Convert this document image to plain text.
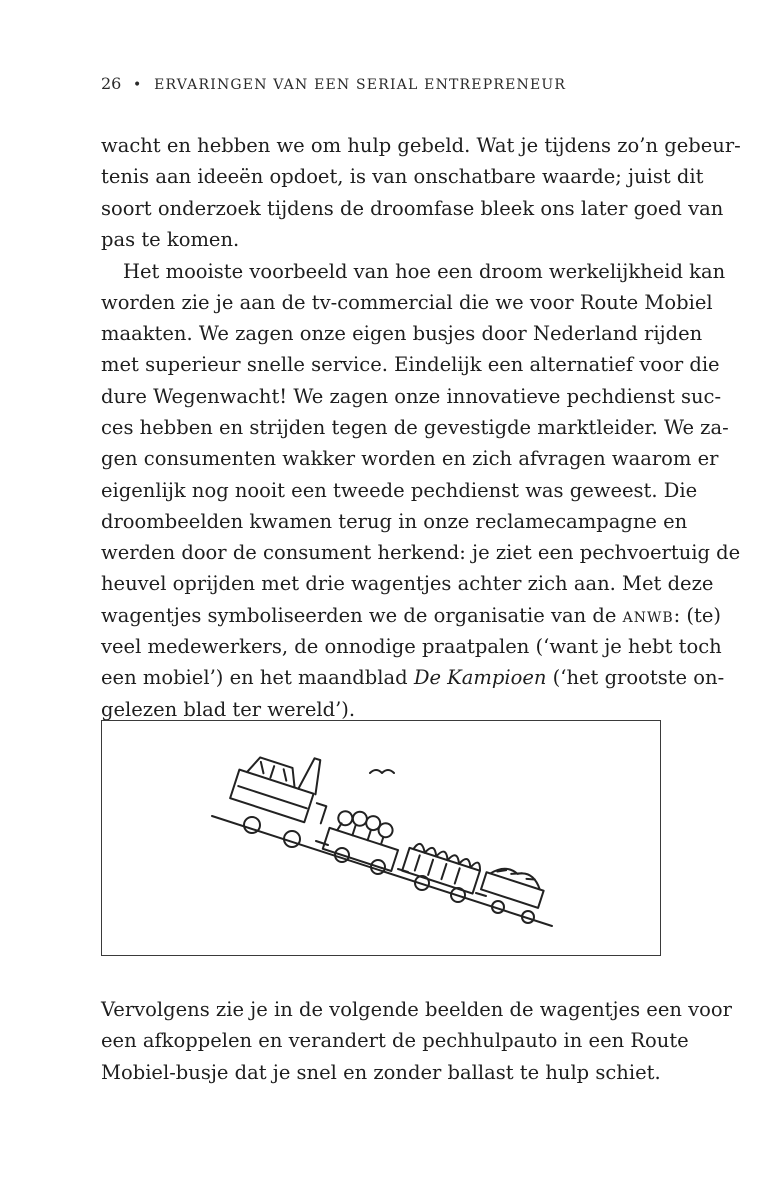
26 • ERVARINGEN VAN EEN SERIAL ENTREPRENEUR
wacht en hebben we om hulp gebeld. Wat je tijdens zo’n gebeur-
tenis aan ideeën opdoet, is van onschatbare waarde; juist dit
soort onderzoek tijdens de droomfase bleek ons later goed van
pas te komen.
Het mooiste voorbeeld van hoe een droom werkelijkheid kan
worden zie je aan de tv-commercial die we voor Route Mobiel
maakten. We zagen onze eigen busjes door Nederland rijden
met superieur snelle service. Eindelijk een alternatief voor die
dure Wegenwacht! We zagen onze innovatieve pechdienst suc-
ces hebben en strijden tegen de gevestigde marktleider. We za-
gen consumenten wakker worden en zich afvragen waarom er
eigenlijk nog nooit een tweede pechdienst was geweest. Die
droombeelden kwamen terug in onze reclamecampagne en
werden door de consument herkend: je ziet een pechvoertuig de
heuvel oprijden met drie wagentjes achter zich aan. Met deze
wagentjes symboliseerden we de organisatie van de ANWB: (te)
veel medewerkers, de onnodige praatpalen (‘want je hebt toch
een mobiel’) en het maandblad De Kampioen (‘het grootste on-
gelezen blad ter wereld’).
Vervolgens zie je in de volgende beelden de wagentjes een voor
een afkoppelen en verandert de pechhulpauto in een Route
Mobiel-busje dat je snel en zonder ballast te hulp schiet.
